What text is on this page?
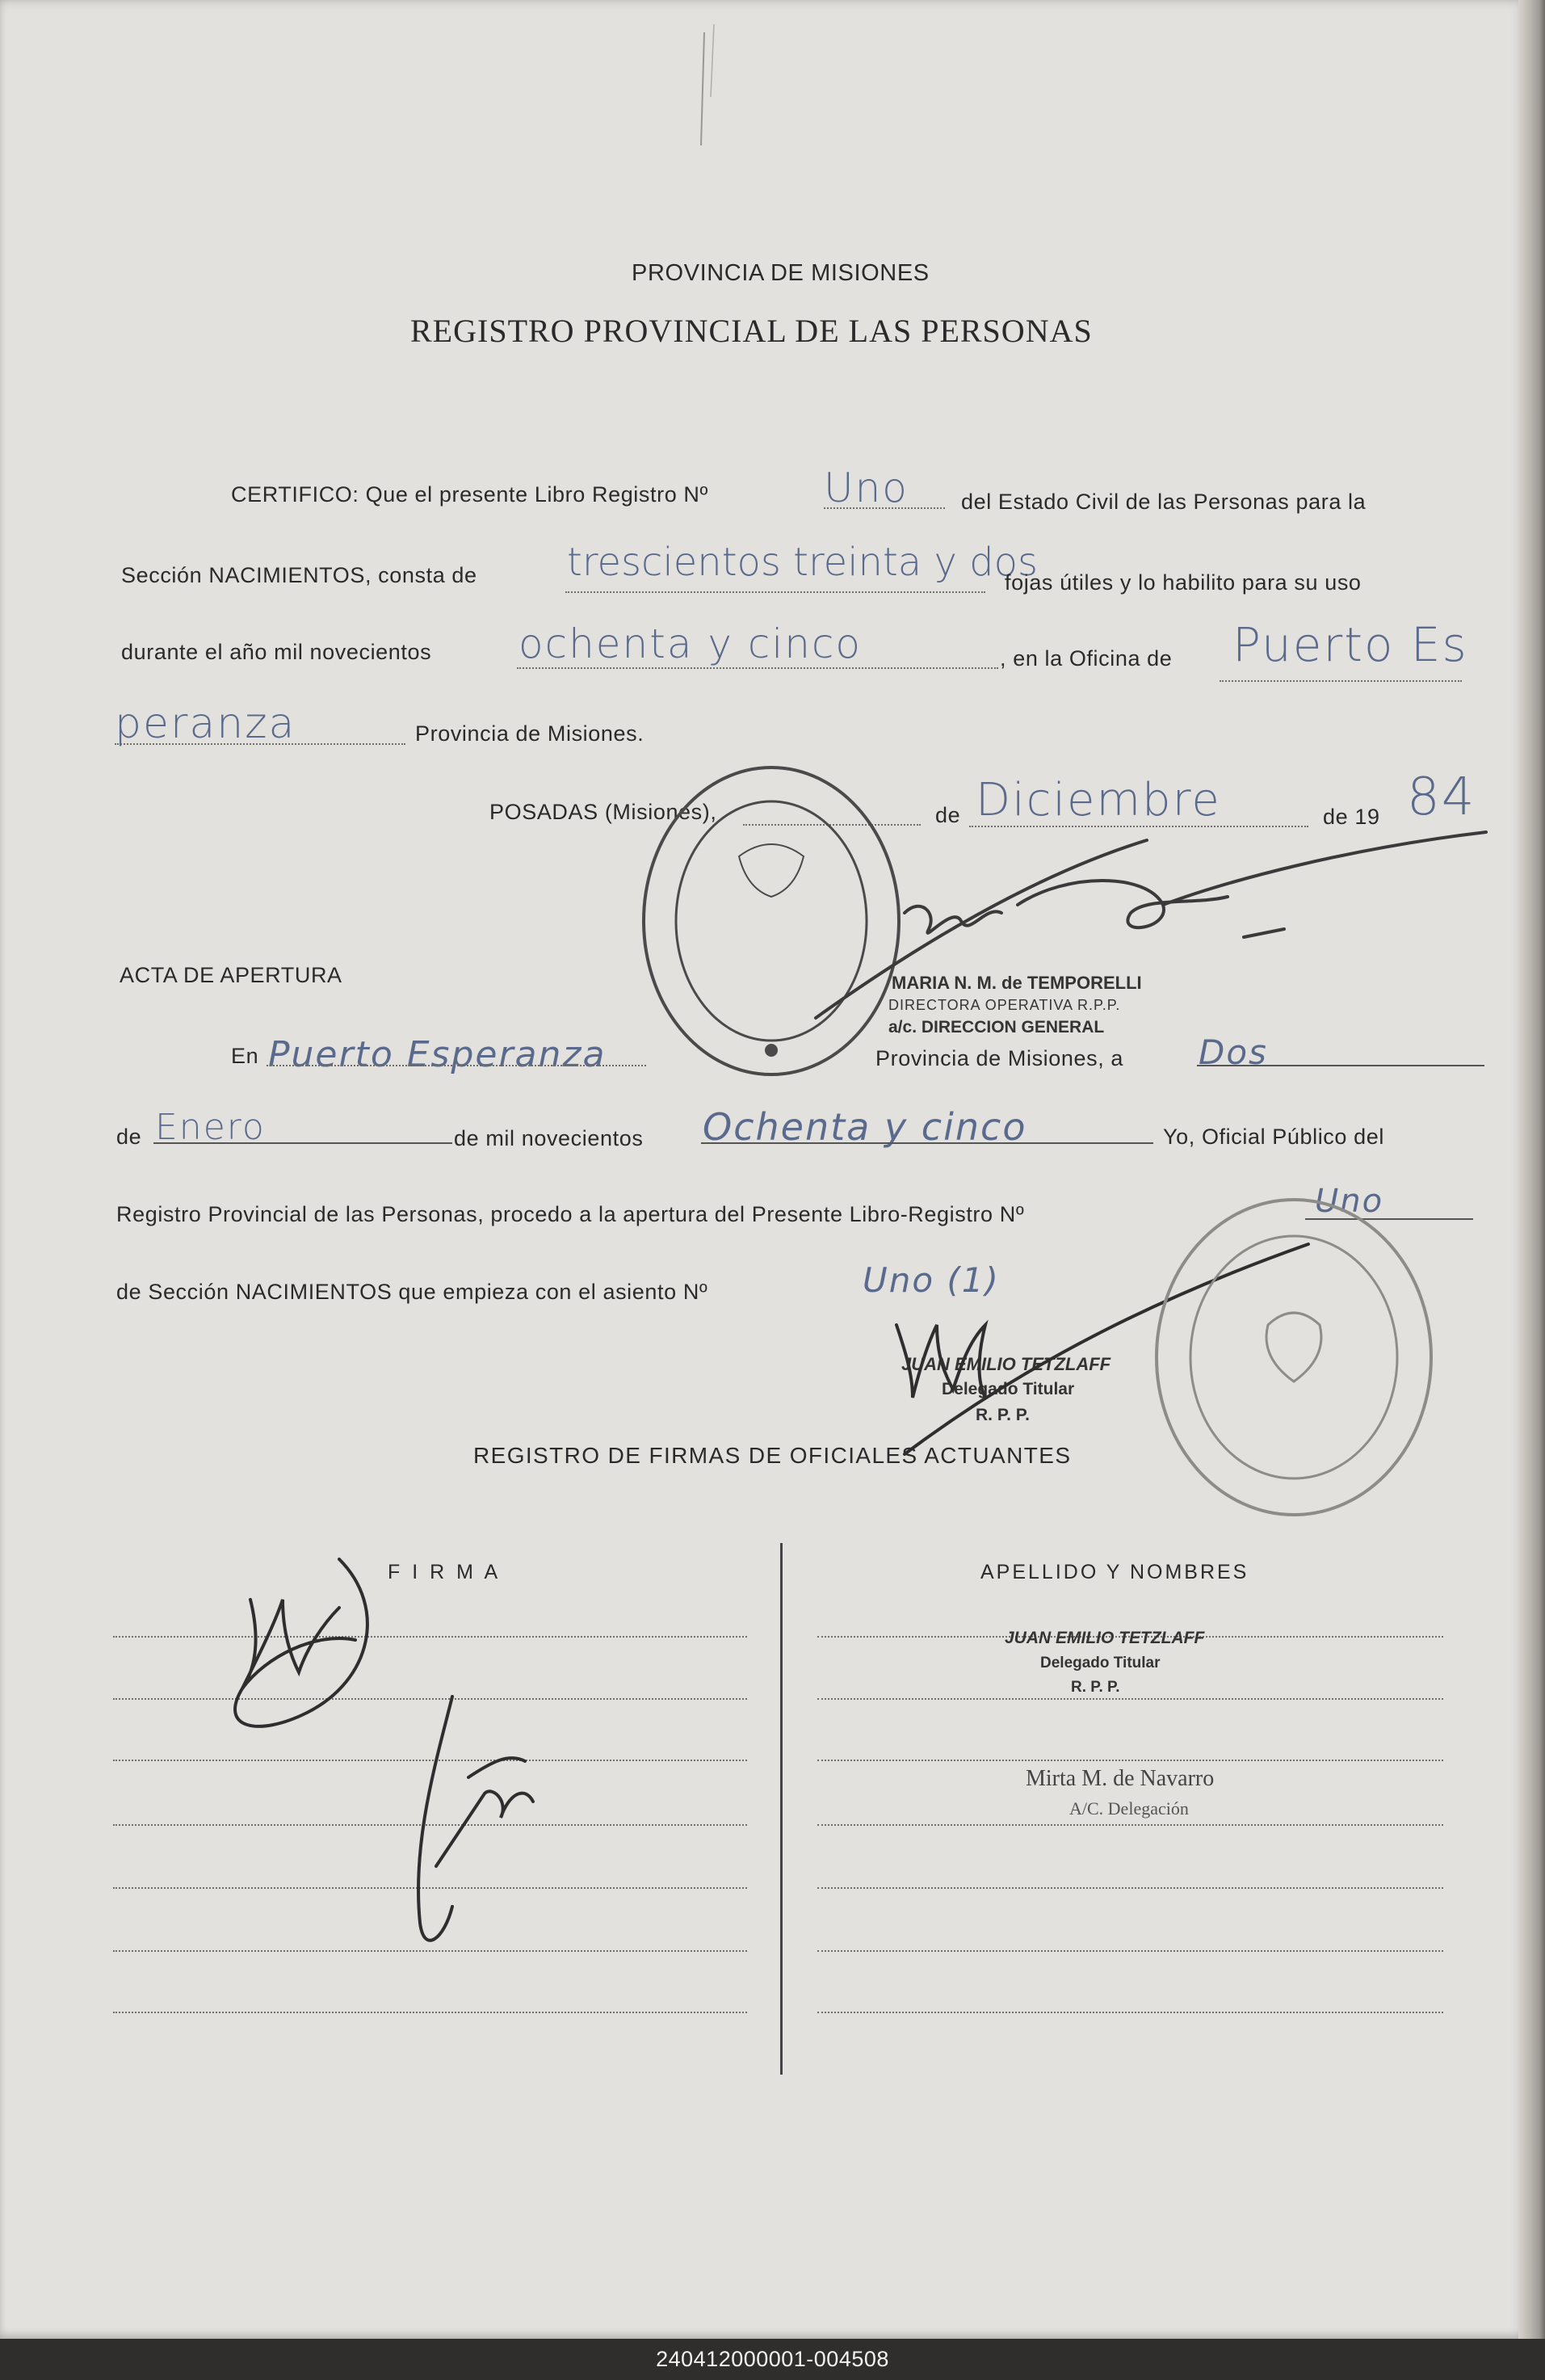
240412000001-004508
PROVINCIA DE MISIONES
REGISTRO PROVINCIAL DE LAS PERSONAS
CERTIFICO: Que el presente Libro Registro Nº	Uno del Estado Civil de las Personas para la
Sección NACIMIENTOS, consta de trescientos treinta y dos
fojas útiles y lo habilito para su uso
durante el año mil novecientos ochenta y cinco	, en la Oficina de Puerto Es
peranza	Provincia de Misiones.
POSADAS (Misiones),	de Diciembre	de 19 84
MARIA N. M. de TEMPORELLI
DIRECTORA OPERATIVA R.P.P.
a/c. DIRECCION GENERAL
ACTA DE APERTURA
En Puerto Esperanza	Provincia de Misiones, a Dos
de Enero	de mil novecientos Ochenta y cinco	Yo, Oficial Público del
Registro Provincial de las Personas, procedo a la apertura del Presente Libro-Registro Nº	Uno
de Sección NACIMIENTOS que empieza con el asiento Nº	Uno (1)
JUAN EMILIO TETZLAFF
Delegado Titular
R. P. P.
REGISTRO DE FIRMAS DE OFICIALES ACTUANTES
F I R M A	APELLIDO Y NOMBRES
JUAN EMILIO TETZLAFF
Delegado Titular
R. P. P.
Mirta M. de Navarro
A/C. Delegación
